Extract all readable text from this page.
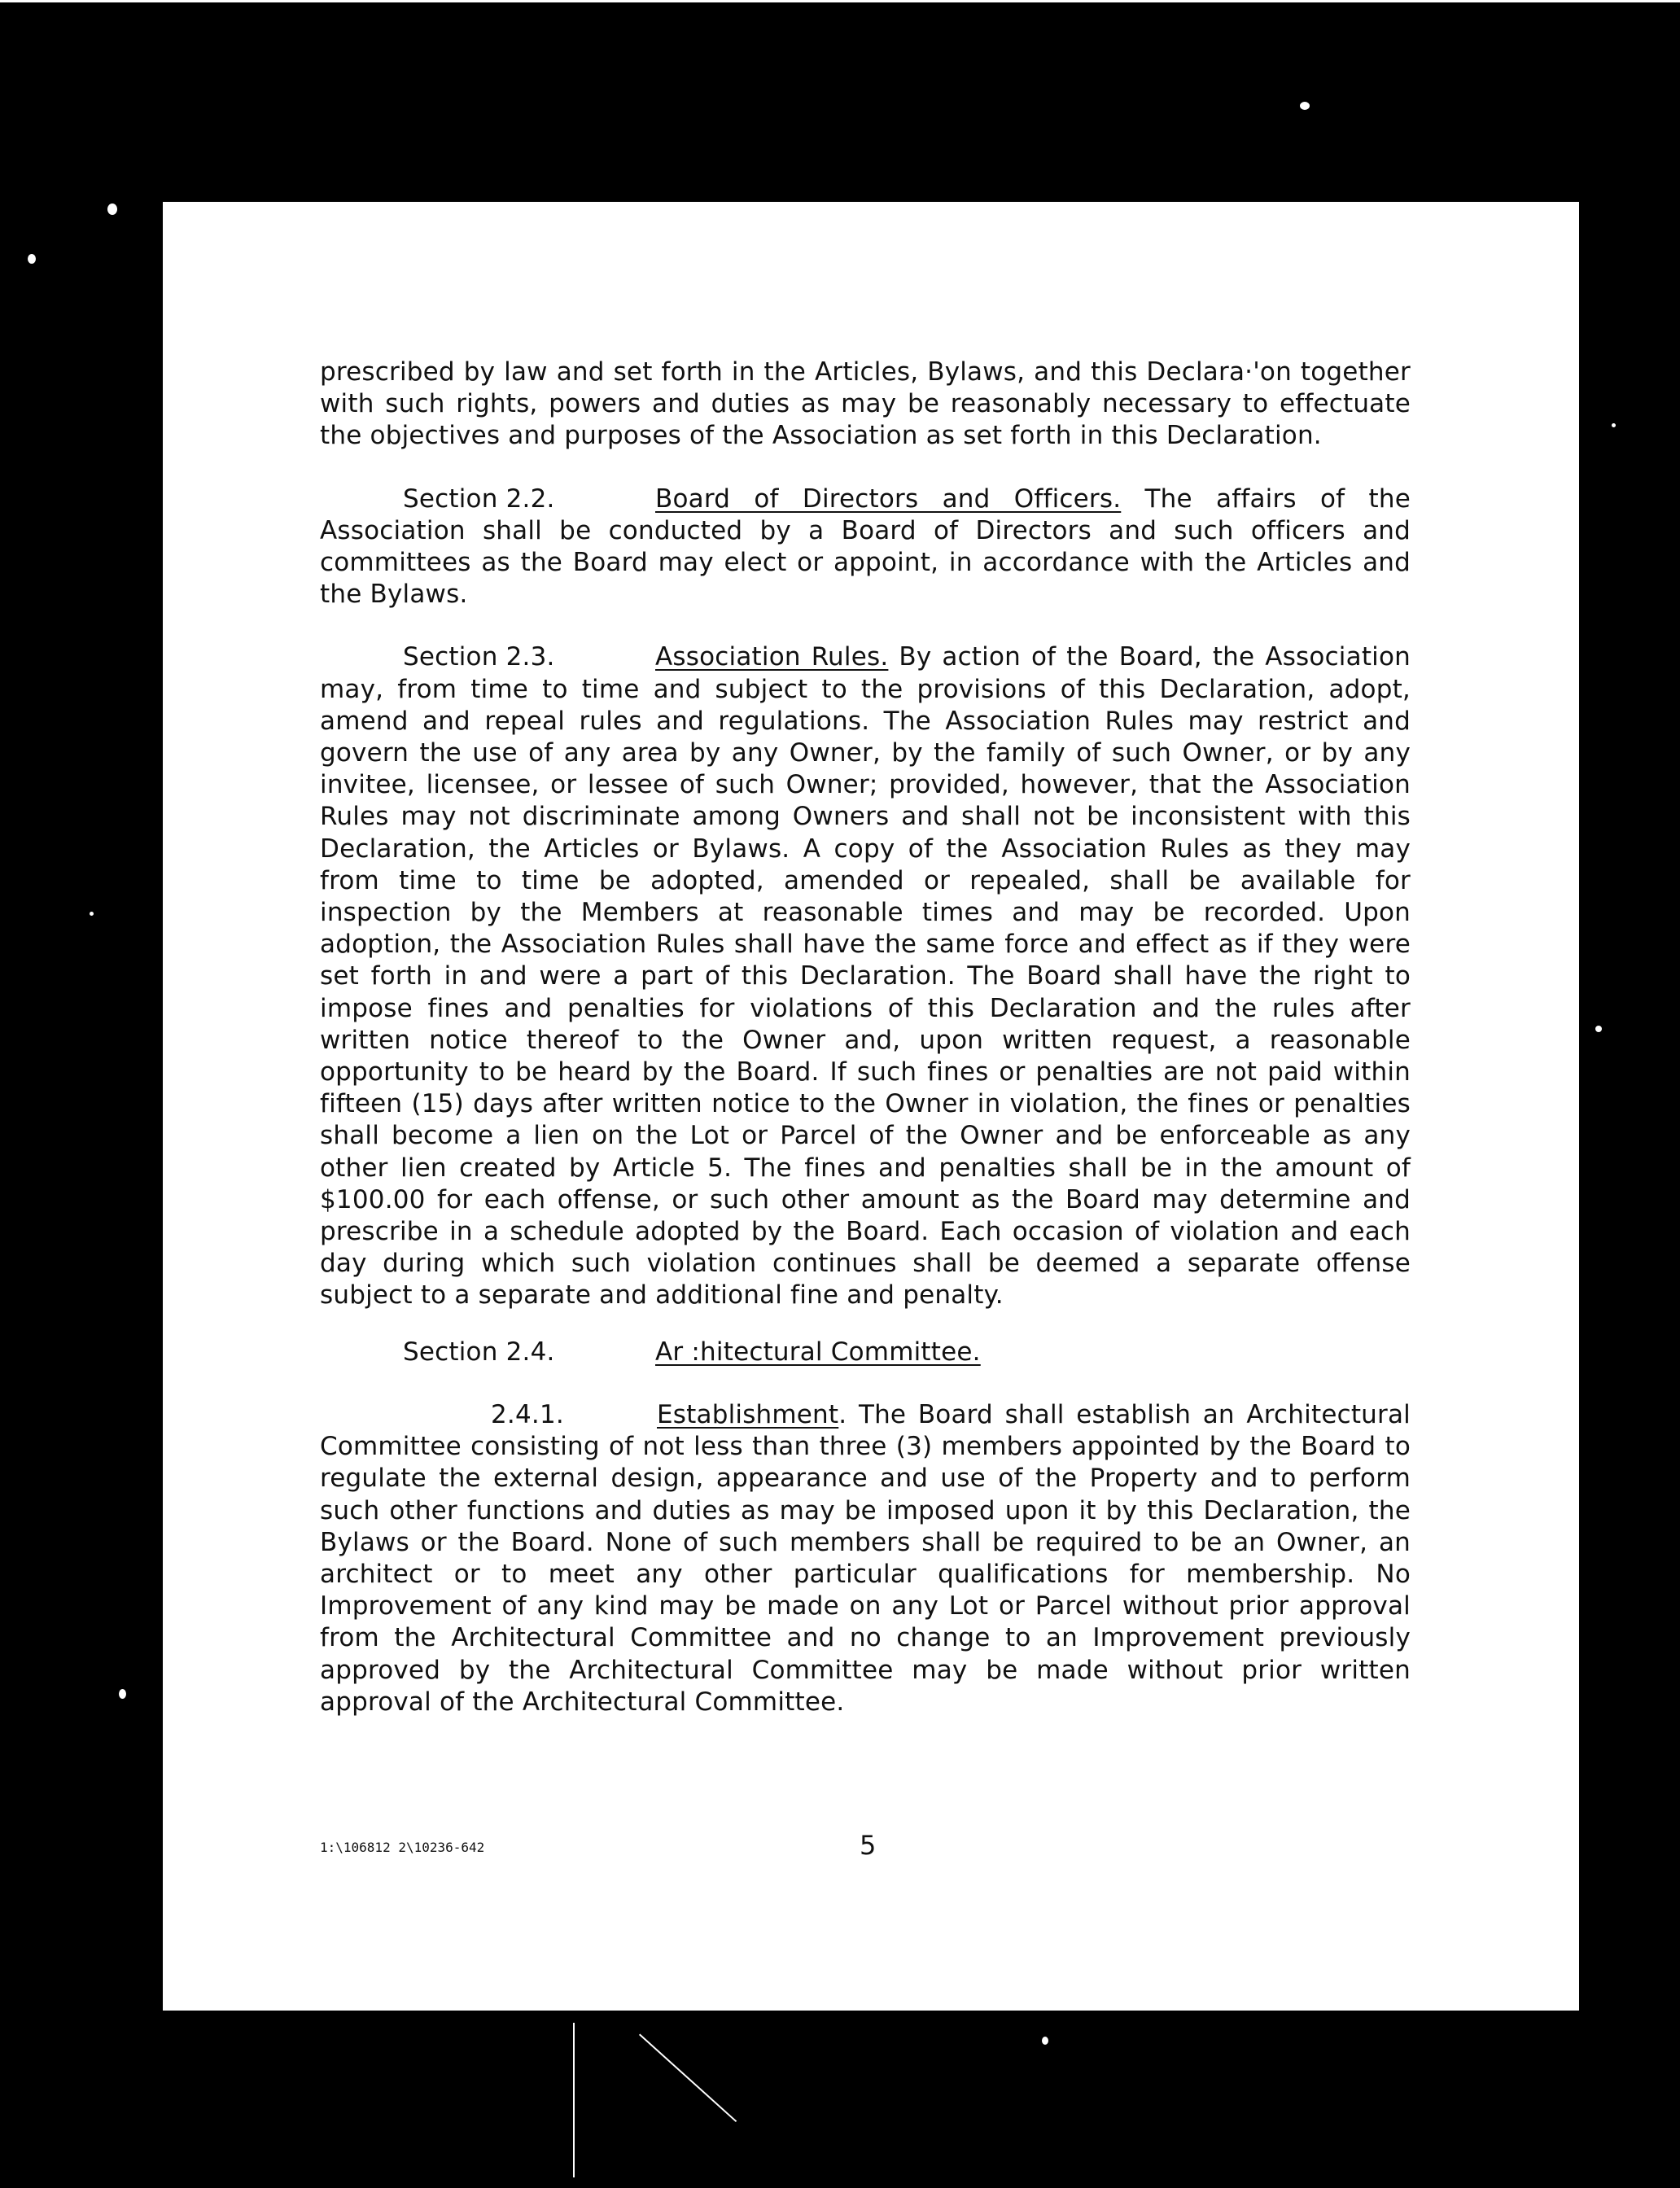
prescribed by law and set forth in the Articles, Bylaws, and this Declara·'on together with such rights, powers and duties as may be reasonably necessary to effectuate the objectives and purposes of the Association as set forth in this Declaration.

Section 2.2.	Board of Directors and Officers. The affairs of the Association shall be conducted by a Board of Directors and such officers and committees as the Board may elect or appoint, in accordance with the Articles and the Bylaws.

Section 2.3.	Association Rules. By action of the Board, the Association may, from time to time and subject to the provisions of this Declaration, adopt, amend and repeal rules and regulations. The Association Rules may restrict and govern the use of any area by any Owner, by the family of such Owner, or by any invitee, licensee, or lessee of such Owner; provided, however, that the Association Rules may not discriminate among Owners and shall not be inconsistent with this Declaration, the Articles or Bylaws. A copy of the Association Rules as they may from time to time be adopted, amended or repealed, shall be available for inspection by the Members at reasonable times and may be recorded. Upon adoption, the Association Rules shall have the same force and effect as if they were set forth in and were a part of this Declaration. The Board shall have the right to impose fines and penalties for violations of this Declaration and the rules after written notice thereof to the Owner and, upon written request, a reasonable opportunity to be heard by the Board. If such fines or penalties are not paid within fifteen (15) days after written notice to the Owner in violation, the fines or penalties shall become a lien on the Lot or Parcel of the Owner and be enforceable as any other lien created by Article 5. The fines and penalties shall be in the amount of $100.00 for each offense, or such other amount as the Board may determine and prescribe in a schedule adopted by the Board. Each occasion of violation and each day during which such violation continues shall be deemed a separate offense subject to a separate and additional fine and penalty.

Section 2.4.	Ar :hitectural Committee.

2.4.1.	Establishment. The Board shall establish an Architectural Committee consisting of not less than three (3) members appointed by the Board to regulate the external design, appearance and use of the Property and to perform such other functions and duties as may be imposed upon it by this Declaration, the Bylaws or the Board. None of such members shall be required to be an Owner, an architect or to meet any other particular qualifications for membership. No Improvement of any kind may be made on any Lot or Parcel without prior approval from the Architectural Committee and no change to an Improvement previously approved by the Architectural Committee may be made without prior written approval of the Architectural Committee.

1:\106812 2\10236-642	5
